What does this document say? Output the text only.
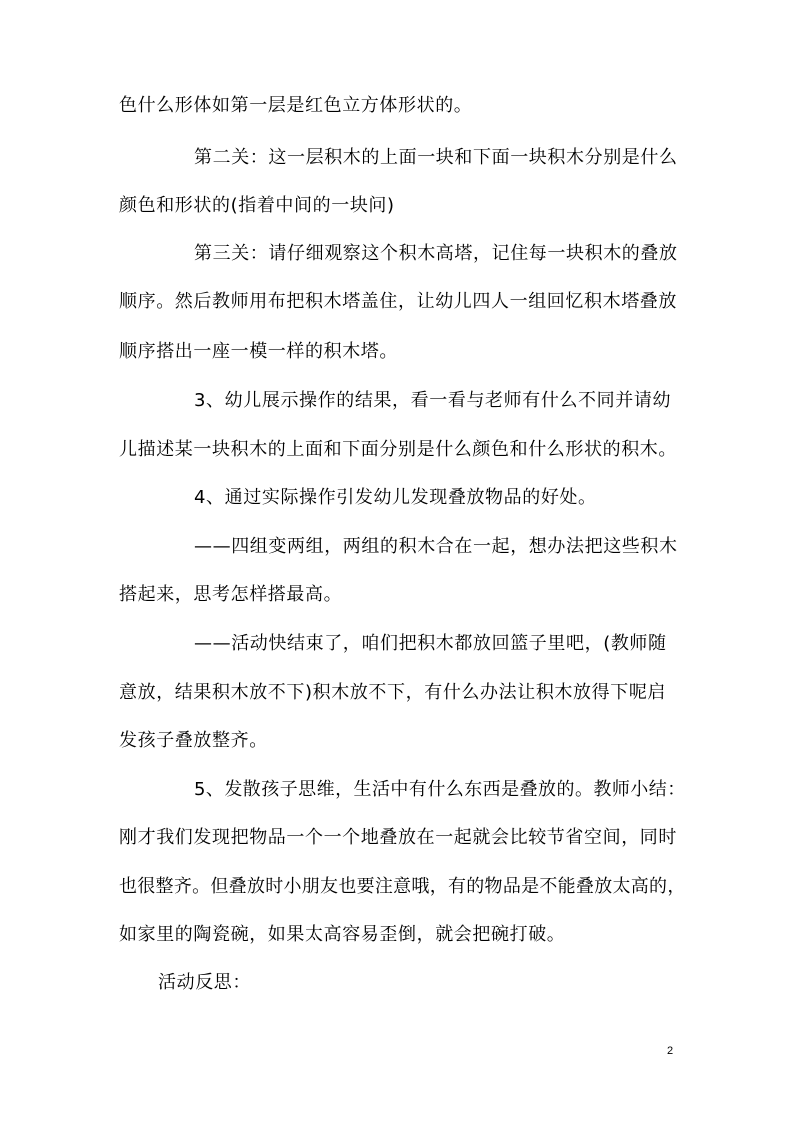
色什么形体如第一层是红色立方体形状的。
第二关：这一层积木的上面一块和下面一块积木分别是什么
颜色和形状的(指着中间的一块问)
第三关：请仔细观察这个积木高塔，记住每一块积木的叠放
顺序。然后教师用布把积木塔盖住，让幼儿四人一组回忆积木塔叠放
顺序搭出一座一模一样的积木塔。
3、幼儿展示操作的结果，看一看与老师有什么不同并请幼
儿描述某一块积木的上面和下面分别是什么颜色和什么形状的积木。
4、通过实际操作引发幼儿发现叠放物品的好处。
——四组变两组，两组的积木合在一起，想办法把这些积木
搭起来，思考怎样搭最高。
——活动快结束了，咱们把积木都放回篮子里吧，(教师随
意放，结果积木放不下)积木放不下，有什么办法让积木放得下呢启
发孩子叠放整齐。
5、发散孩子思维，生活中有什么东西是叠放的。教师小结：
刚才我们发现把物品一个一个地叠放在一起就会比较节省空间，同时
也很整齐。但叠放时小朋友也要注意哦，有的物品是不能叠放太高的，
如家里的陶瓷碗，如果太高容易歪倒，就会把碗打破。
活动反思：
2
